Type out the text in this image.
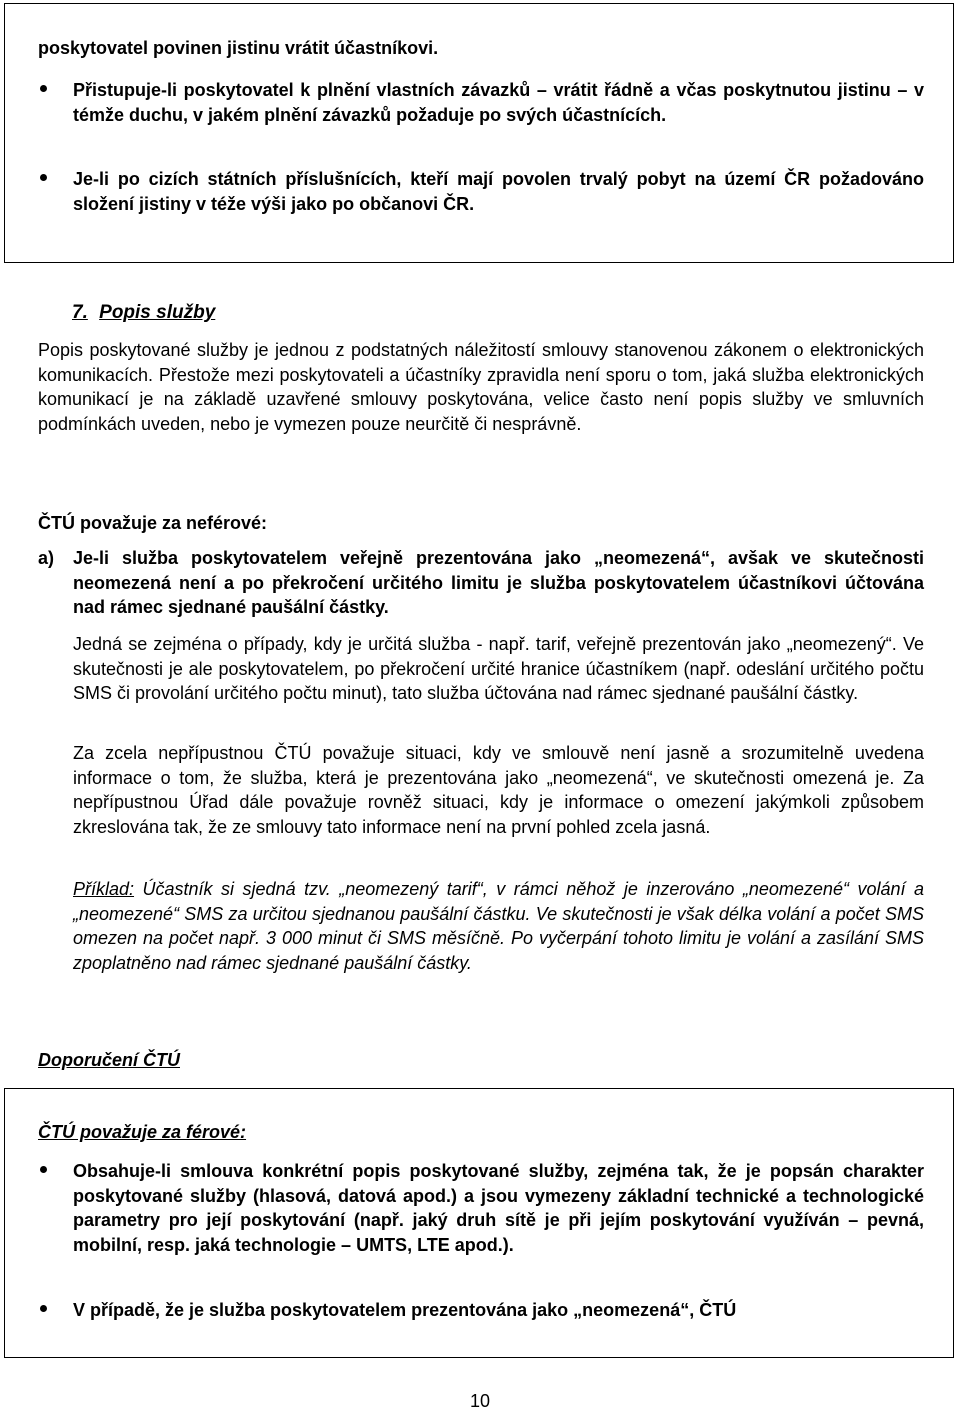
poskytovatel povinen jistinu vrátit účastníkovi.
Přistupuje-li poskytovatel k plnění vlastních závazků – vrátit řádně a včas poskytnutou jistinu – v témže duchu, v jakém plnění závazků požaduje po svých účastnících.
Je-li po cizích státních příslušnících, kteří mají povolen trvalý pobyt na území ČR požadováno složení jistiny v téže výši jako po občanovi ČR.
7. Popis služby
Popis poskytované služby je jednou z podstatných náležitostí smlouvy stanovenou zákonem o elektronických komunikacích. Přestože mezi poskytovateli a účastníky zpravidla není sporu o tom, jaká služba elektronických komunikací je na základě uzavřené smlouvy poskytována, velice často není popis služby ve smluvních podmínkách uveden, nebo je vymezen pouze neurčitě či nesprávně.
ČTÚ považuje za neférové:
a) Je-li služba poskytovatelem veřejně prezentována jako „neomezená“, avšak ve skutečnosti neomezená není a po překročení určitého limitu je služba poskytovatelem účastníkovi účtována nad rámec sjednané paušální částky.
Jedná se zejména o případy, kdy je určitá služba - např. tarif, veřejně prezentován jako „neomezený“. Ve skutečnosti je ale poskytovatelem, po překročení určité hranice účastníkem (např. odeslání určitého počtu SMS či provolání určitého počtu minut), tato služba účtována nad rámec sjednané paušální částky.
Za zcela nepřípustnou ČTÚ považuje situaci, kdy ve smlouvě není jasně a srozumitelně uvedena informace o tom, že služba, která je prezentována jako „neomezená“, ve skutečnosti omezená je. Za nepřípustnou Úřad dále považuje rovněž situaci, kdy je informace o omezení jakýmkoli způsobem zkreslována tak, že ze smlouvy tato informace není na první pohled zcela jasná.
Příklad: Účastník si sjedná tzv. „neomezený tarif“, v rámci něhož je inzerováno „neomezené“ volání a „neomezené“ SMS za určitou sjednanou paušální částku. Ve skutečnosti je však délka volání a počet SMS omezen na počet např. 3 000 minut či SMS měsíčně. Po vyčerpání tohoto limitu je volání a zasílání SMS zpoplatněno nad rámec sjednané paušální částky.
Doporučení ČTÚ
ČTÚ považuje za férové:
Obsahuje-li smlouva konkrétní popis poskytované služby, zejména tak, že je popsán charakter poskytované služby (hlasová, datová apod.) a jsou vymezeny základní technické a technologické parametry pro její poskytování (např. jaký druh sítě je při jejím poskytování využíván – pevná, mobilní, resp. jaká technologie – UMTS, LTE apod.).
V případě, že je služba poskytovatelem prezentována jako „neomezená“, ČTÚ
10
